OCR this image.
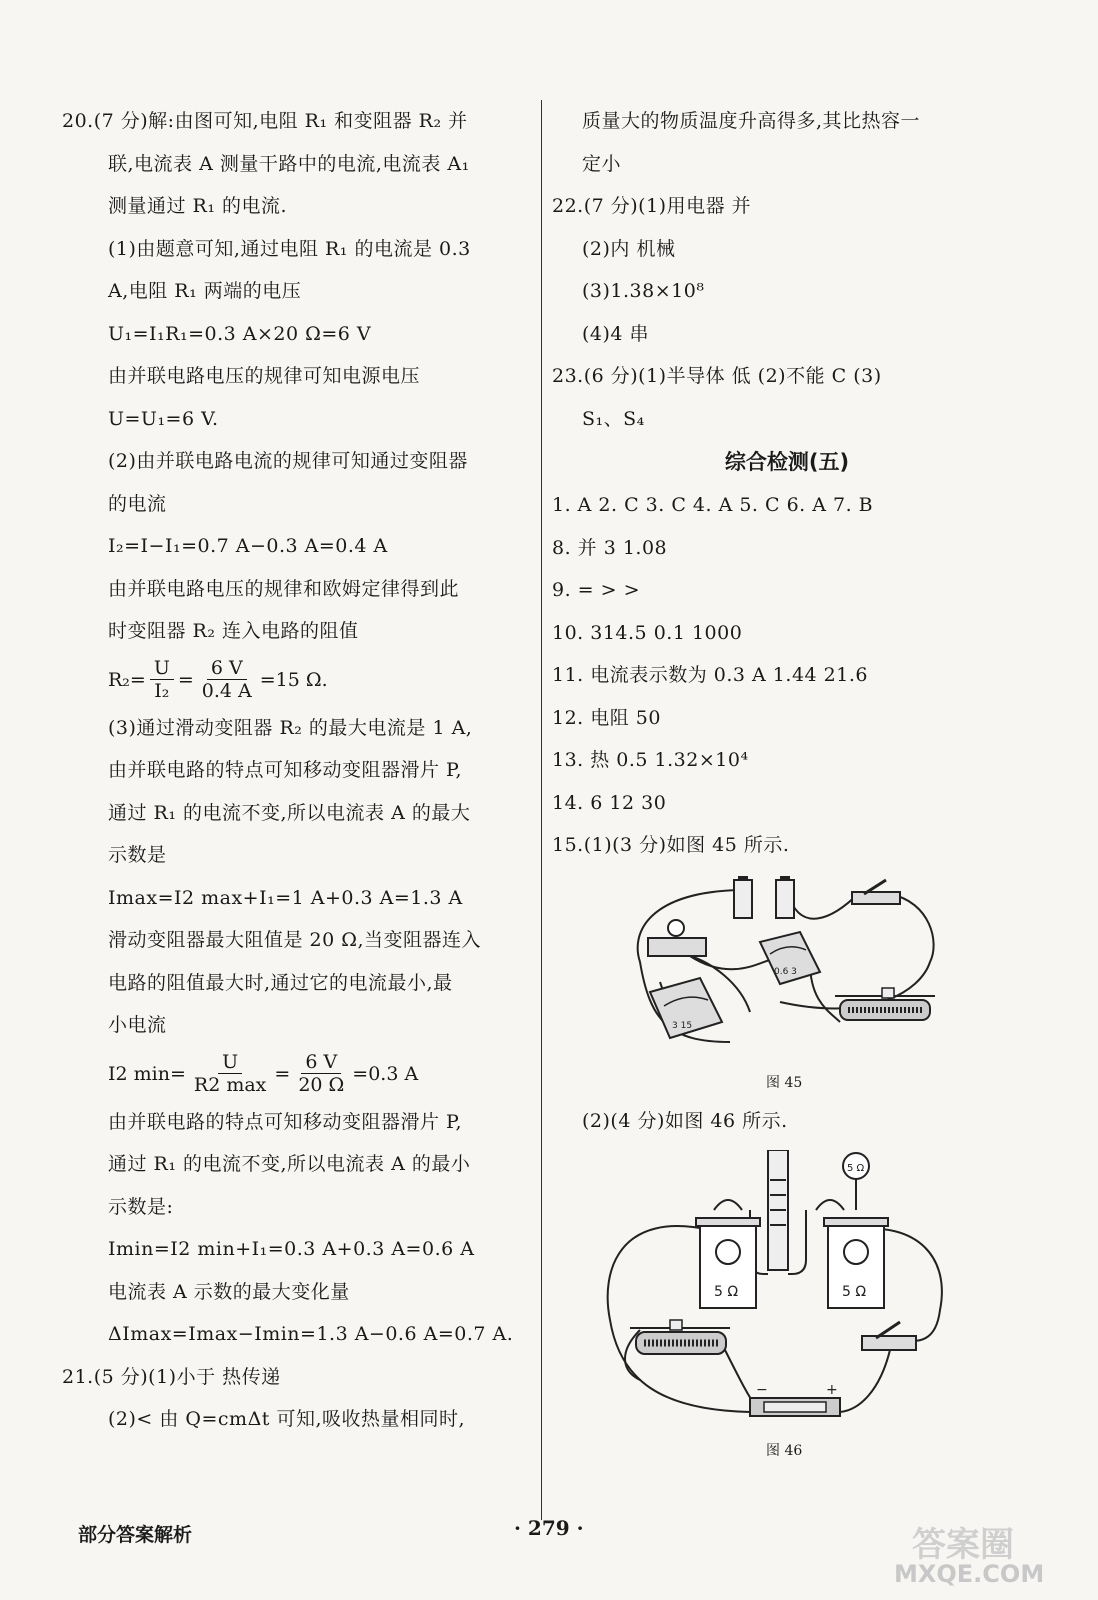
20.(7 分)解:由图可知,电阻 R₁ 和变阻器 R₂ 并
联,电流表 A 测量干路中的电流,电流表 A₁
测量通过 R₁ 的电流.
(1)由题意可知,通过电阻 R₁ 的电流是 0.3
A,电阻 R₁ 两端的电压
U₁=I₁R₁=0.3 A×20 Ω=6 V
由并联电路电压的规律可知电源电压
U=U₁=6 V.
(2)由并联电路电流的规律可知通过变阻器
的电流
I₂=I−I₁=0.7 A−0.3 A=0.4 A
由并联电路电压的规律和欧姆定律得到此
时变阻器 R₂ 连入电路的阻值
$R_2= \frac{U}{\text{I₂}} = \frac{6 V}{0.4 A} =15$ Ω.
(3)通过滑动变阻器 R₂ 的最大电流是 1 A,
由并联电路的特点可知移动变阻器滑片 P,
通过 R₁ 的电流不变,所以电流表 A 的最大
示数是
Imax=I2 max+I₁=1 A+0.3 A=1.3 A
滑动变阻器最大阻值是 20 Ω,当变阻器连入
电路的阻值最大时,通过它的电流最小,最
小电流
I2 $\min= \frac{U}{R2 \max} = \frac{6 V}{20 \Omega} =0.3$ A
由并联电路的特点可知移动变阻器滑片 P,
通过 R₁ 的电流不变,所以电流表 A 的最小
示数是:
Imin=I2 min+I₁=0.3 A+0.3 A=0.6 A
电流表 A 示数的最大变化量
ΔImax=Imax−Imin=1.3 A−0.6 A=0.7 A.
21.(5 分)(1)小于 热传递
(2)< 由 Q=cmΔt 可知,吸收热量相同时,
质量大的物质温度升高得多,其比热容一
定小
22.(7 分)(1)用电器 并
(2)内 机械
(3)1.38×10⁸
(4)4 串
23.(6 分)(1)半导体 低 (2)不能 C (3)
S₁、S₄
综合检测(五)
1. A 2. C 3. C 4. A 5. C 6. A 7. B
8. 并 3 1.08
9. = > >
10. 314.5 0.1 1000
11. 电流表示数为 0.3 A 1.44 21.6
12. 电阻 50
13. 热 0.5 1.32×10⁴
14. 6 12 30
15.(1)(3 分)如图 45 所示.
0.6 3
3 15
图 45
(2)(4 分)如图 46 所示.
5 Ω	5 Ω
5 Ω
−	+
图 46
部分答案解析	· 279 ·	答案圈
MXQE.COM
